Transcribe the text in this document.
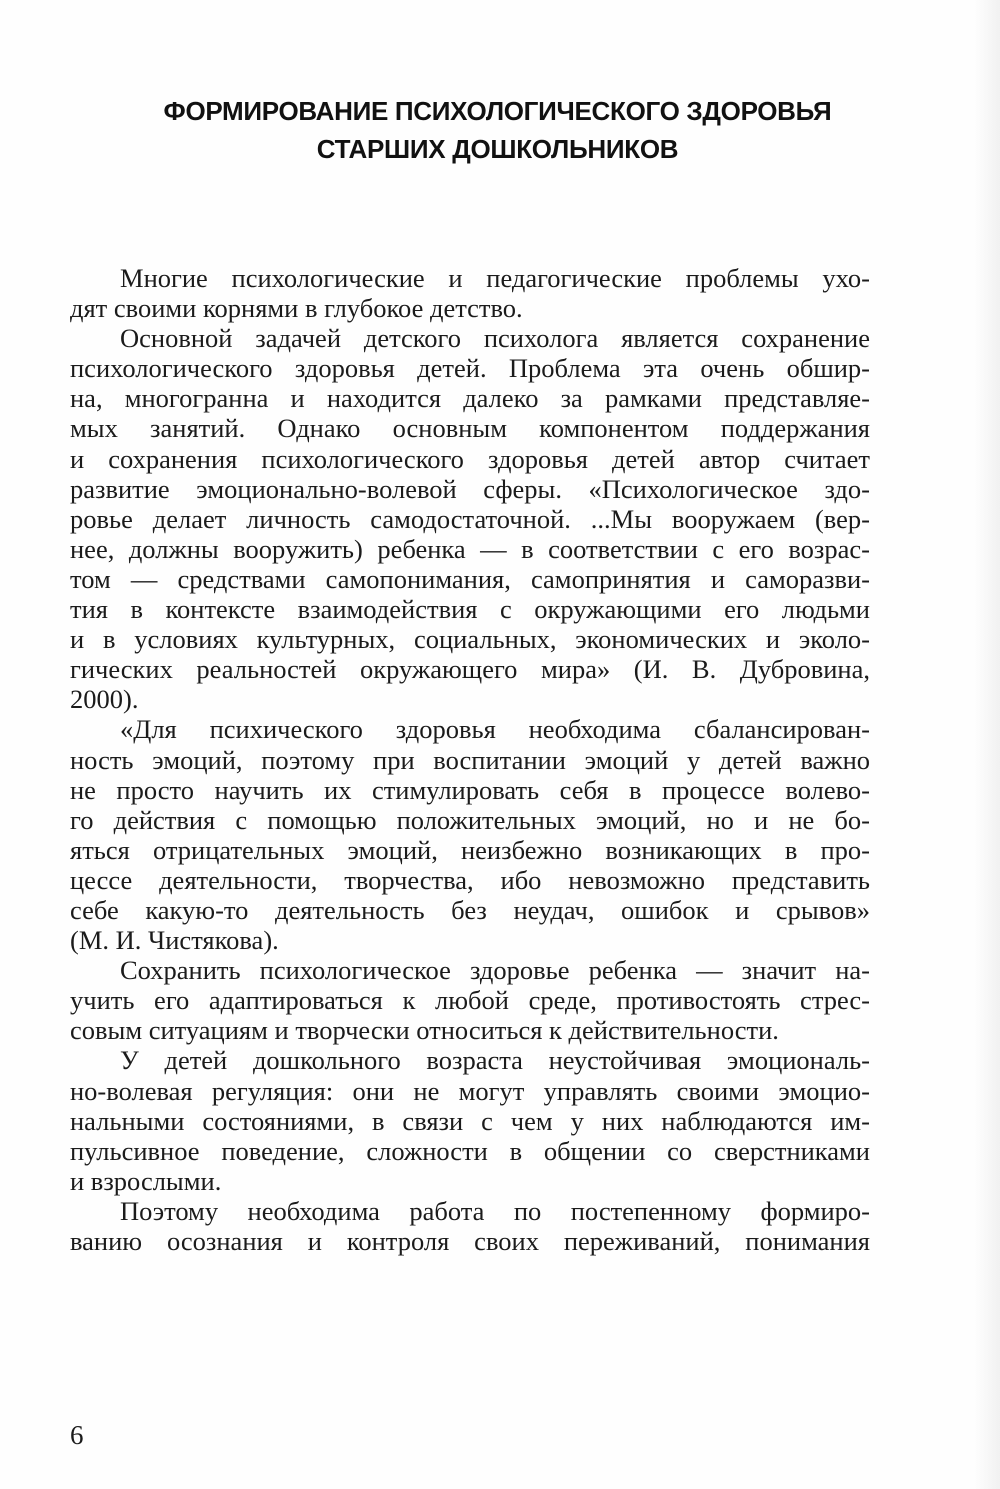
ФОРМИРОВАНИЕ ПСИХОЛОГИЧЕСКОГО ЗДОРОВЬЯ
СТАРШИХ ДОШКОЛЬНИКОВ
Многие психологические и педагогические проблемы ухо-
дят своими корнями в глубокое детство.
Основной задачей детского психолога является сохранение
психологического здоровья детей. Проблема эта очень обшир-
на, многогранна и находится далеко за рамками представляе-
мых занятий. Однако основным компонентом поддержания
и сохранения психологического здоровья детей автор считает
развитие эмоционально-волевой сферы. «Психологическое здо-
ровье делает личность самодостаточной. ...Мы вооружаем (вер-
нее, должны вооружить) ребенка — в соответствии с его возрас-
том — средствами самопонимания, самопринятия и саморазви-
тия в контексте взаимодействия с окружающими его людьми
и в условиях культурных, социальных, экономических и эколо-
гических реальностей окружающего мира» (И. В. Дубровина,
2000).
«Для психического здоровья необходима сбалансирован-
ность эмоций, поэтому при воспитании эмоций у детей важно
не просто научить их стимулировать себя в процессе волево-
го действия с помощью положительных эмоций, но и не бо-
яться отрицательных эмоций, неизбежно возникающих в про-
цессе деятельности, творчества, ибо невозможно представить
себе какую-то деятельность без неудач, ошибок и срывов»
(М. И. Чистякова).
Сохранить психологическое здоровье ребенка — значит на-
учить его адаптироваться к любой среде, противостоять стрес-
совым ситуациям и творчески относиться к действительности.
У детей дошкольного возраста неустойчивая эмоциональ-
но-волевая регуляция: они не могут управлять своими эмоцио-
нальными состояниями, в связи с чем у них наблюдаются им-
пульсивное поведение, сложности в общении со сверстниками
и взрослыми.
Поэтому необходима работа по постепенному формиро-
ванию осознания и контроля своих переживаний, понимания
6
